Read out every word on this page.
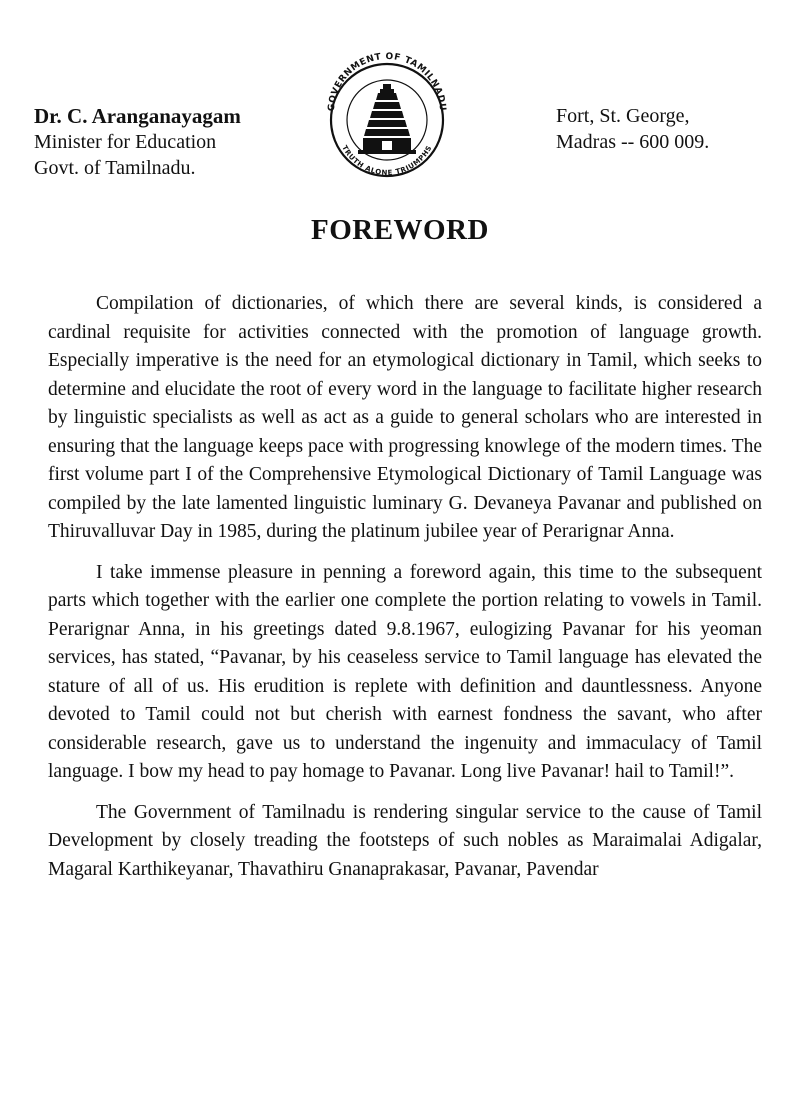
Dr. C. Aranganayagam
Minister for Education
Govt. of Tamilnadu.
GOVERNMENT OF TAMILNADU
TRUTH ALONE TRIUMPHS
Fort, St. George,
Madras -- 600 009.
FOREWORD

Compilation of dictionaries, of which there are several kinds, is considered a cardinal requisite for activities connected with the promotion of language growth. Especially imperative is the need for an etymological dictionary in Tamil, which seeks to determine and elucidate the root of every word in the language to facilitate higher research by linguistic specialists as well as act as a guide to general scholars who are interested in ensuring that the language keeps pace with progressing knowlege of the modern times. The first volume part I of the Comprehensive Etymological Dictionary of Tamil Language was compiled by the late lamented linguistic luminary G. Devaneya Pavanar and published on Thiruvalluvar Day in 1985, during the platinum jubilee year of Perarignar Anna.

I take immense pleasure in penning a foreword again, this time to the subsequent parts which together with the earlier one complete the portion relating to vowels in Tamil. Perarignar Anna, in his greetings dated 9.8.1967, eulogizing Pavanar for his yeoman services, has stated, “Pavanar, by his ceaseless service to Tamil language has elevated the stature of all of us. His erudition is replete with definition and dauntlessness. Anyone devoted to Tamil could not but cherish with earnest fondness the savant, who after considerable research, gave us to understand the ingenuity and immaculacy of Tamil language. I bow my head to pay homage to Pavanar. Long live Pavanar! hail to Tamil!”.

The Government of Tamilnadu is rendering singular service to the cause of Tamil Development by closely treading the footsteps of such nobles as Maraimalai Adigalar, Magaral Karthikeyanar, Thavathiru Gnanaprakasar, Pavanar, Pavendar
